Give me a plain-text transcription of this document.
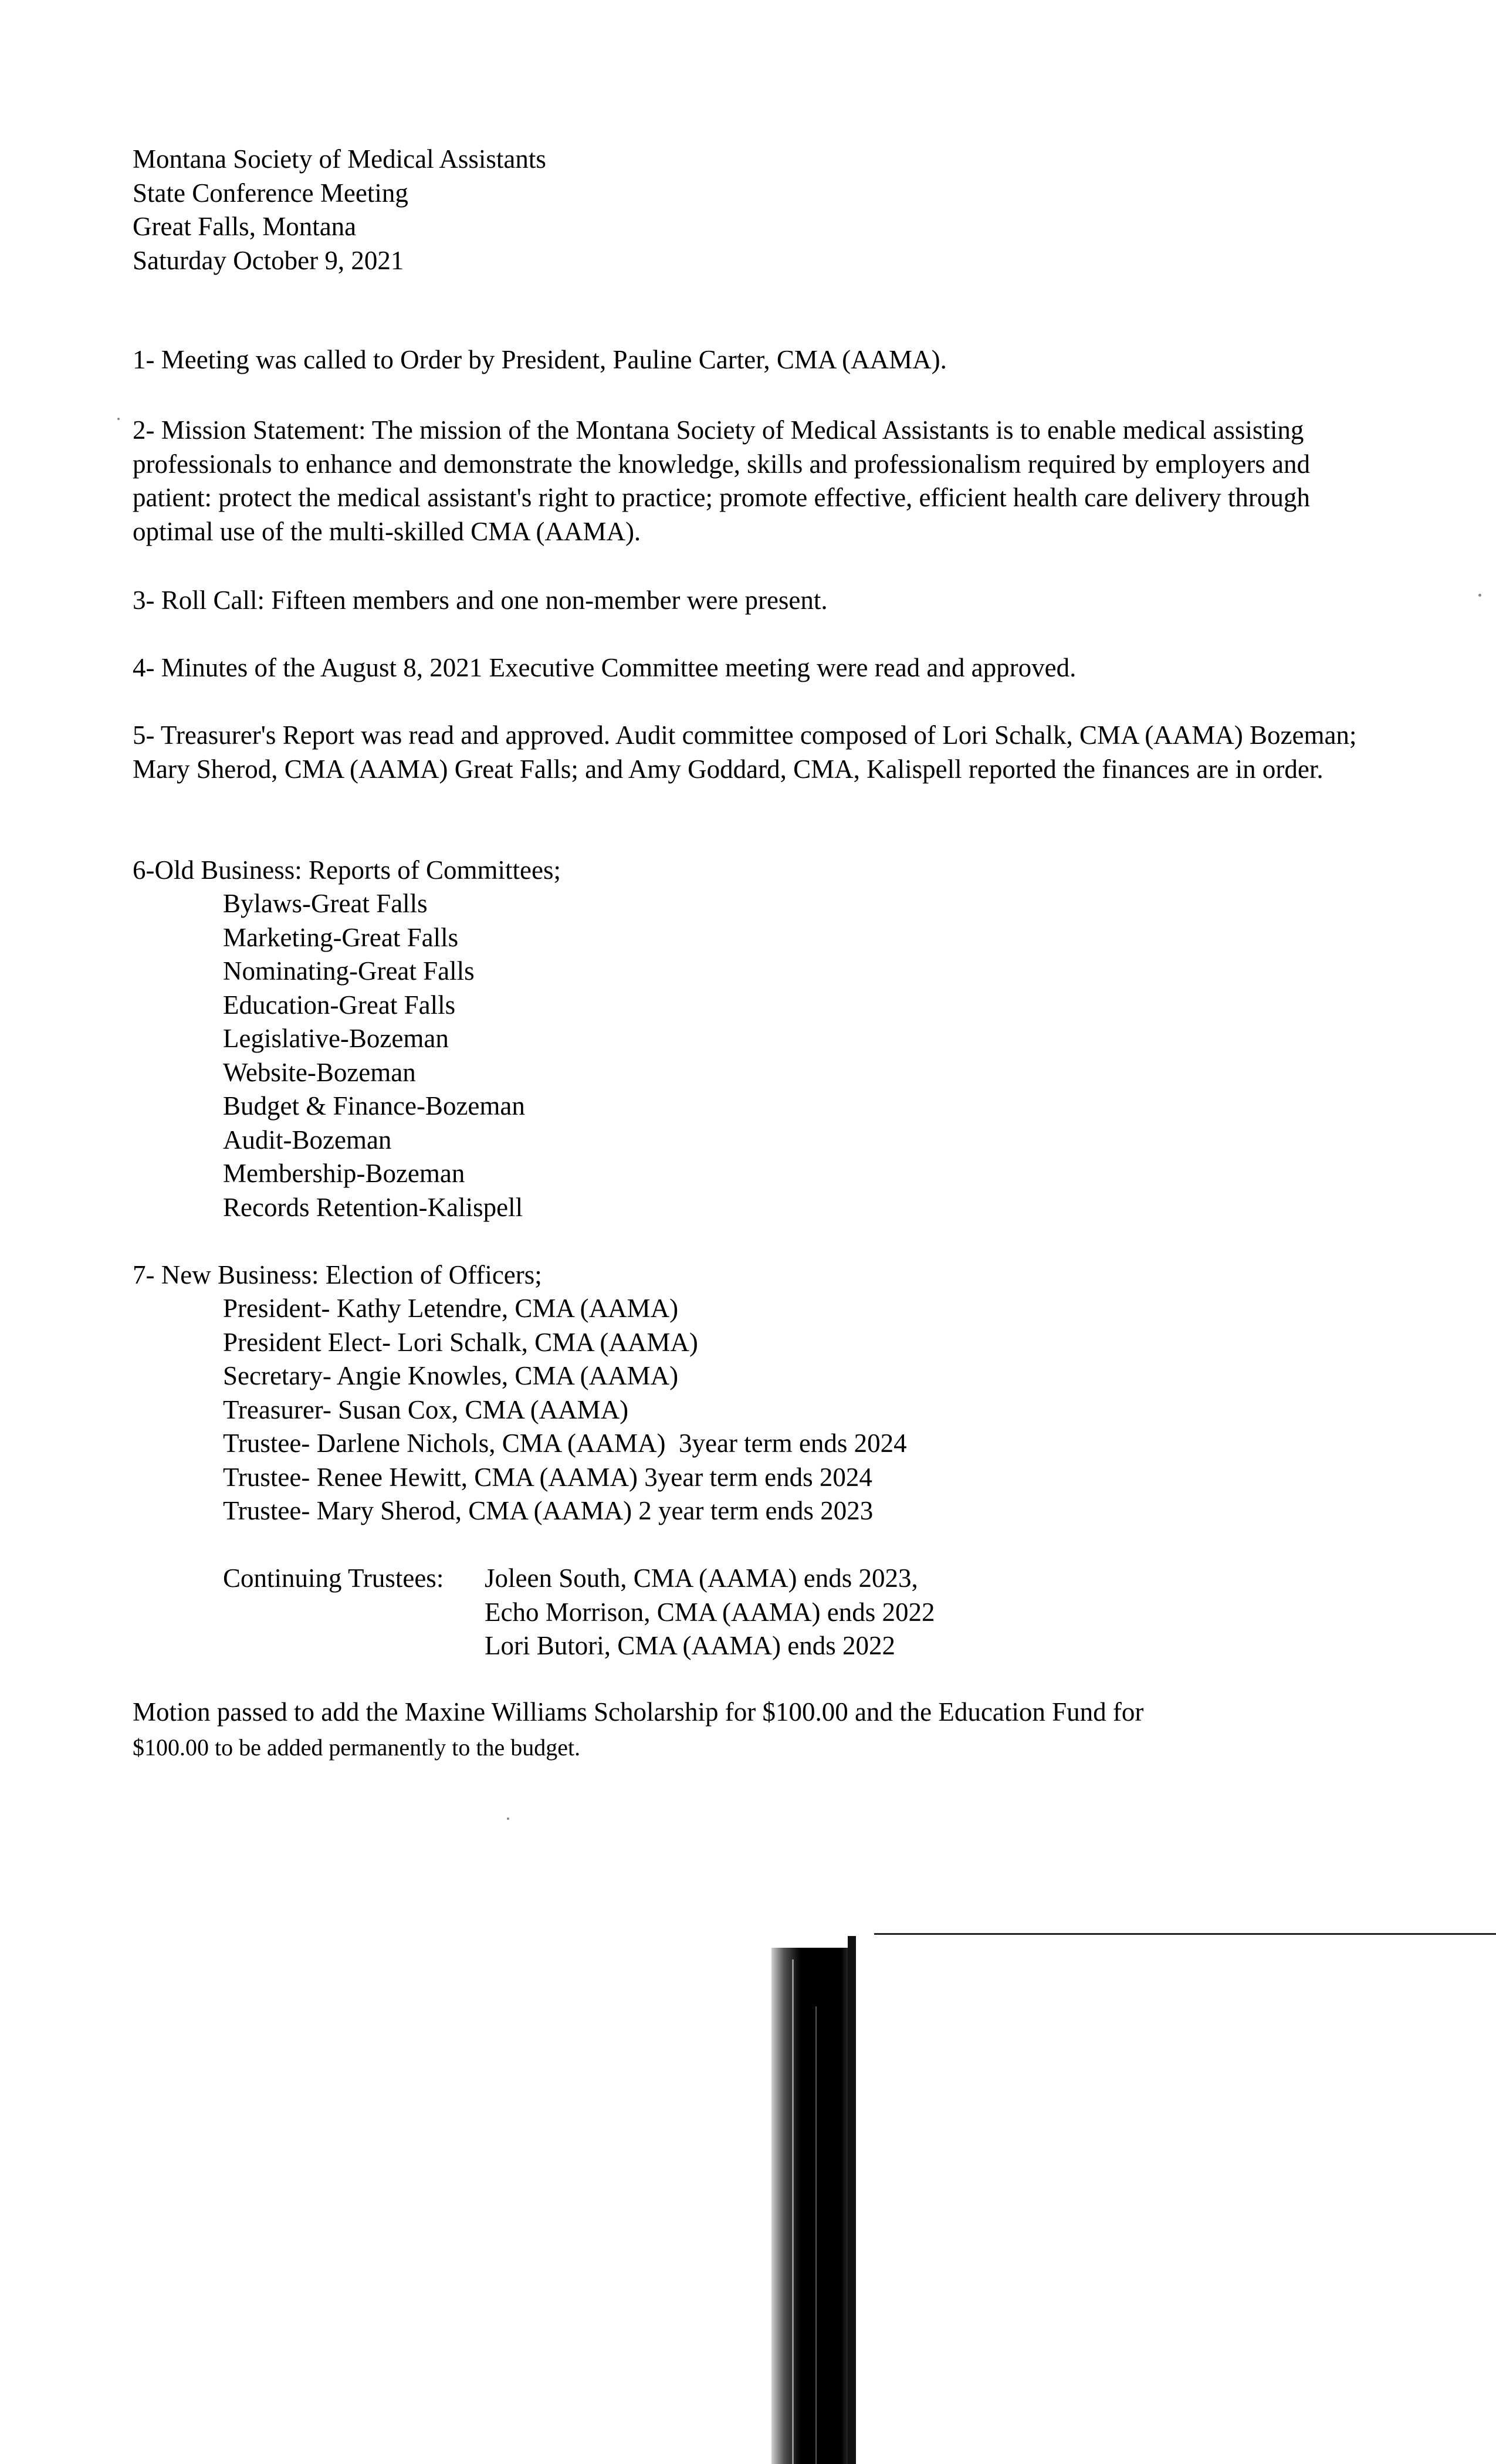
Montana Society of Medical Assistants
State Conference Meeting
Great Falls, Montana
Saturday October 9, 2021
1- Meeting was called to Order by President, Pauline Carter, CMA (AAMA).
2- Mission Statement: The mission of the Montana Society of Medical Assistants is to enable medical assisting professionals to enhance and demonstrate the knowledge, skills and professionalism required by employers and patient: protect the medical assistant's right to practice; promote effective, efficient health care delivery through optimal use of the multi-skilled CMA (AAMA).
3- Roll Call: Fifteen members and one non-member were present.
4- Minutes of the August 8, 2021 Executive Committee meeting were read and approved.
5- Treasurer's Report was read and approved. Audit committee composed of Lori Schalk, CMA (AAMA) Bozeman; Mary Sherod, CMA (AAMA) Great Falls; and Amy Goddard, CMA, Kalispell reported the finances are in order.
6-Old Business: Reports of Committees;
Bylaws-Great Falls
Marketing-Great Falls
Nominating-Great Falls
Education-Great Falls
Legislative-Bozeman
Website-Bozeman
Budget & Finance-Bozeman
Audit-Bozeman
Membership-Bozeman
Records Retention-Kalispell
7- New Business: Election of Officers;
President- Kathy Letendre, CMA (AAMA)
President Elect- Lori Schalk, CMA (AAMA)
Secretary- Angie Knowles, CMA (AAMA)
Treasurer- Susan Cox, CMA (AAMA)
Trustee- Darlene Nichols, CMA (AAMA)  3year term ends 2024
Trustee- Renee Hewitt, CMA (AAMA) 3year term ends 2024
Trustee- Mary Sherod, CMA (AAMA) 2 year term ends 2023
Continuing Trustees: Joleen South, CMA (AAMA) ends 2023,
Echo Morrison, CMA (AAMA) ends 2022
Lori Butori, CMA (AAMA) ends 2022
Motion passed to add the Maxine Williams Scholarship for $100.00 and the Education Fund for
$100.00 to be added permanently to the budget.
